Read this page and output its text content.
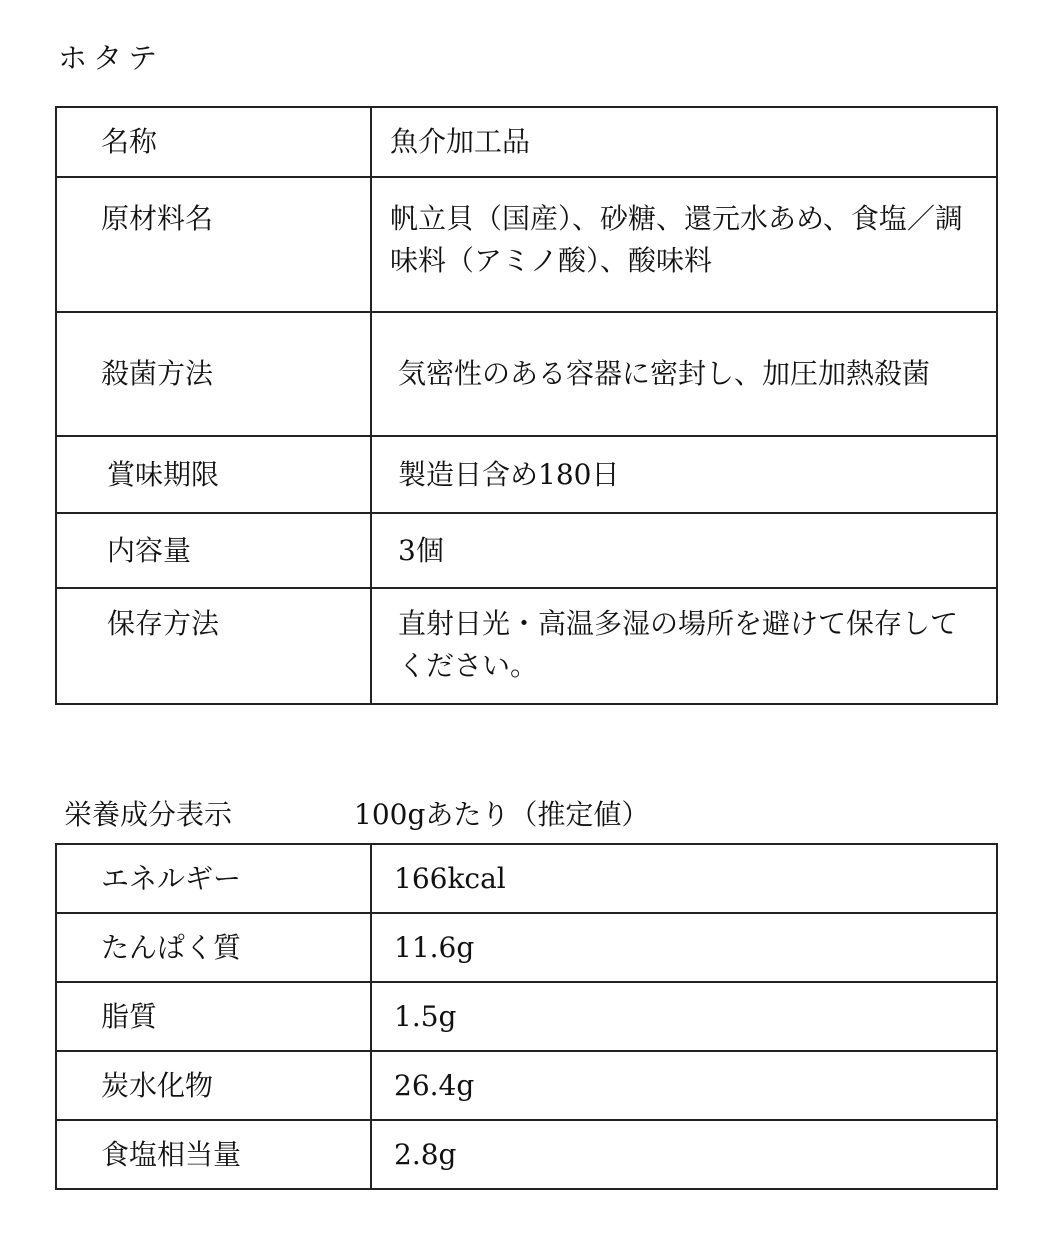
ホタテ
名称	魚介加工品
原材料名	帆立貝（国産）、砂糖、還元水あめ、食塩／調味料（アミノ酸）、酸味料
殺菌方法	気密性のある容器に密封し、加圧加熱殺菌
賞味期限	製造日含め180日
内容量	3個
保存方法	直射日光・高温多湿の場所を避けて保存してください。
栄養成分表示	100gあたり（推定値）
エネルギー	166kcal
たんぱく質	11.6g
脂質	1.5g
炭水化物	26.4g
食塩相当量	2.8g
